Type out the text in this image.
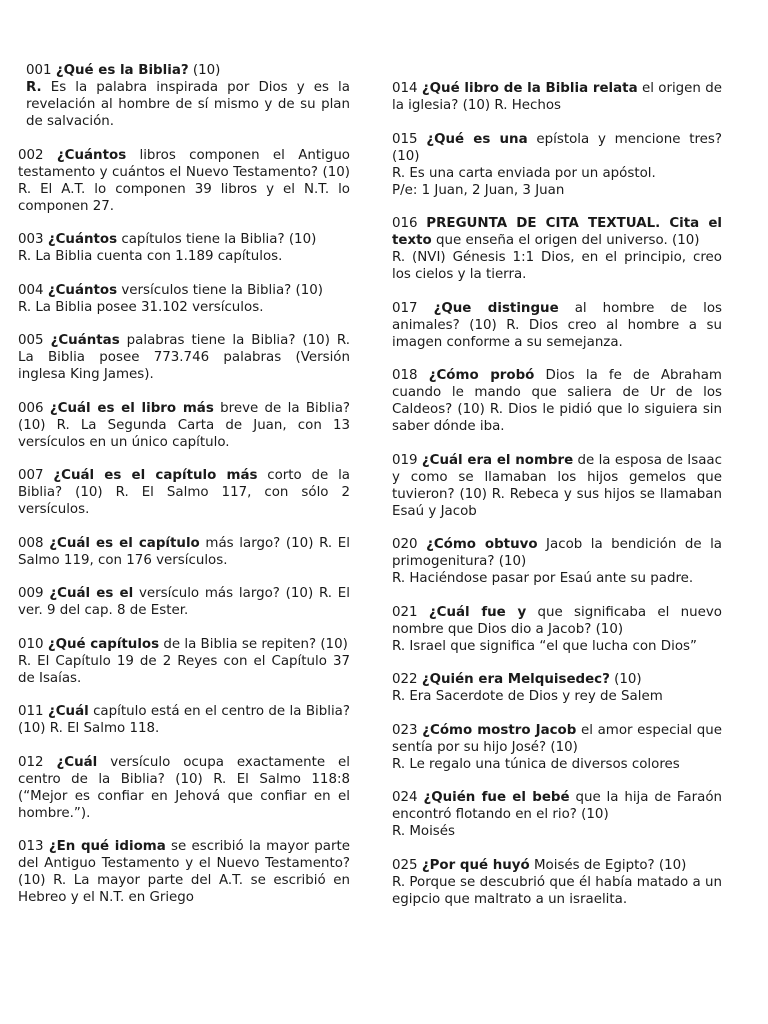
001 ¿Qué es la Biblia? (10)

R. Es la palabra inspirada por Dios y es la revelación al hombre de sí mismo y de su plan de salvación.

002 ¿Cuántos libros componen el Antiguo testamento y cuántos el Nuevo Testamento? (10) R. El A.T. lo componen 39 libros y el N.T. lo componen 27.

003 ¿Cuántos capítulos tiene la Biblia? (10)

R. La Biblia cuenta con 1.189 capítulos.

004 ¿Cuántos versículos tiene la Biblia? (10)

R. La Biblia posee 31.102 versículos.

005 ¿Cuántas palabras tiene la Biblia? (10) R. La Biblia posee 773.746 palabras (Versión inglesa King James).

006 ¿Cuál es el libro más breve de la Biblia? (10) R. La Segunda Carta de Juan, con 13 versículos en un único capítulo.

007 ¿Cuál es el capítulo más corto de la Biblia? (10) R. El Salmo 117, con sólo 2 versículos.

008 ¿Cuál es el capítulo más largo? (10) R. El Salmo 119, con 176 versículos.

009 ¿Cuál es el versículo más largo? (10) R. El ver. 9 del cap. 8 de Ester.

010 ¿Qué capítulos de la Biblia se repiten? (10)

R. El Capítulo 19 de 2 Reyes con el Capítulo 37 de Isaías.

011 ¿Cuál capítulo está en el centro de la Biblia? (10) R. El Salmo 118.

012 ¿Cuál versículo ocupa exactamente el centro de la Biblia? (10) R. El Salmo 118:8 (“Mejor es confiar en Jehová que confiar en el hombre.”).

013 ¿En qué idioma se escribió la mayor parte del Antiguo Testamento y el Nuevo Testamento? (10) R. La mayor parte del A.T. se escribió en Hebreo y el N.T. en Griego

014 ¿Qué libro de la Biblia relata el origen de la iglesia? (10) R. Hechos

015 ¿Qué es una epístola y mencione tres? (10)

R. Es una carta enviada por un apóstol.

P/e: 1 Juan, 2 Juan, 3 Juan

016 PREGUNTA DE CITA TEXTUAL. Cita el texto que enseña el origen del universo. (10)

R. (NVI) Génesis 1:1 Dios, en el principio, creo los cielos y la tierra.

017 ¿Que distingue al hombre de los animales? (10) R. Dios creo al hombre a su imagen conforme a su semejanza.

018 ¿Cómo probó Dios la fe de Abraham cuando le mando que saliera de Ur de los Caldeos? (10) R. Dios le pidió que lo siguiera sin saber dónde iba.

019 ¿Cuál era el nombre de la esposa de Isaac y como se llamaban los hijos gemelos que tuvieron? (10) R. Rebeca y sus hijos se llamaban Esaú y Jacob

020 ¿Cómo obtuvo Jacob la bendición de la primogenitura? (10)

R. Haciéndose pasar por Esaú ante su padre.

021 ¿Cuál fue y que significaba el nuevo nombre que Dios dio a Jacob? (10)

R. Israel que significa “el que lucha con Dios”

022 ¿Quién era Melquisedec? (10)

R. Era Sacerdote de Dios y rey de Salem

023 ¿Cómo mostro Jacob el amor especial que sentía por su hijo José? (10)

R. Le regalo una túnica de diversos colores

024 ¿Quién fue el bebé que la hija de Faraón encontró flotando en el rio? (10)

R. Moisés

025 ¿Por qué huyó Moisés de Egipto? (10)

R. Porque se descubrió que él había matado a un egipcio que maltrato a un israelita.
